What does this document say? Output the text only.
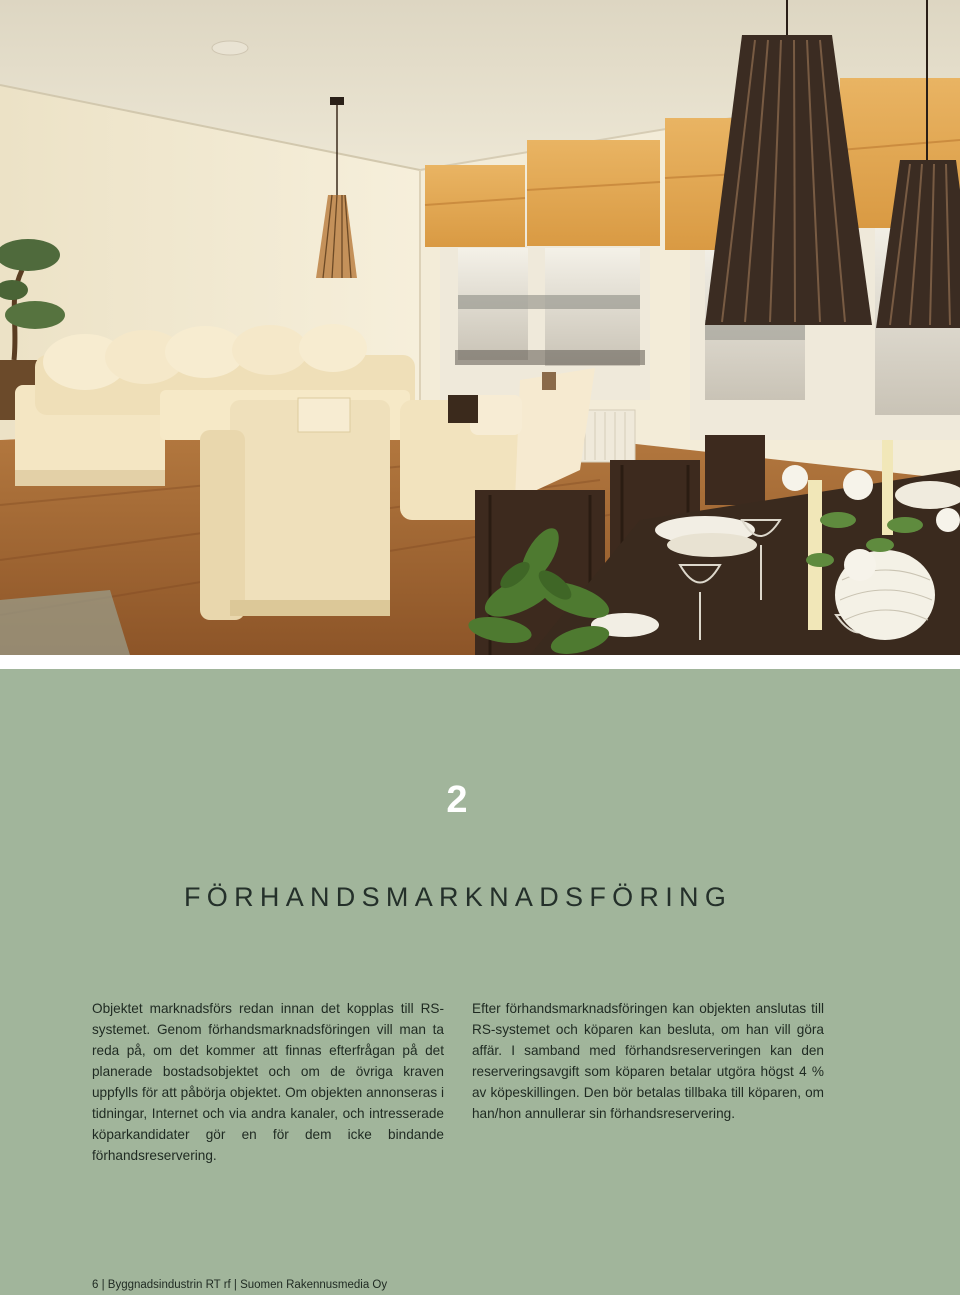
2
FÖRHANDSMARKNADSFÖRING

Objektet marknadsförs redan innan det kopplas till RS-systemet. Genom förhandsmarknadsföringen vill man ta reda på, om det kommer att finnas efterfrågan på det planerade bostadsobjektet och om de övriga kraven uppfylls för att påbörja objektet. Om objekten annonseras i tidningar, Internet och via andra kanaler, och intresserade köparkandidater gör en för dem icke bindande förhandsreservering.

Efter förhandsmarknadsföringen kan objekten anslutas till RS-systemet och köparen kan besluta, om han vill göra affär. I samband med förhandsreserveringen kan den reserveringsavgift som köparen betalar utgöra högst 4 % av köpeskillingen. Den bör betalas tillbaka till köparen, om han/hon annullerar sin förhandsreservering.

6 | Byggnadsindustrin RT rf | Suomen Rakennusmedia Oy
